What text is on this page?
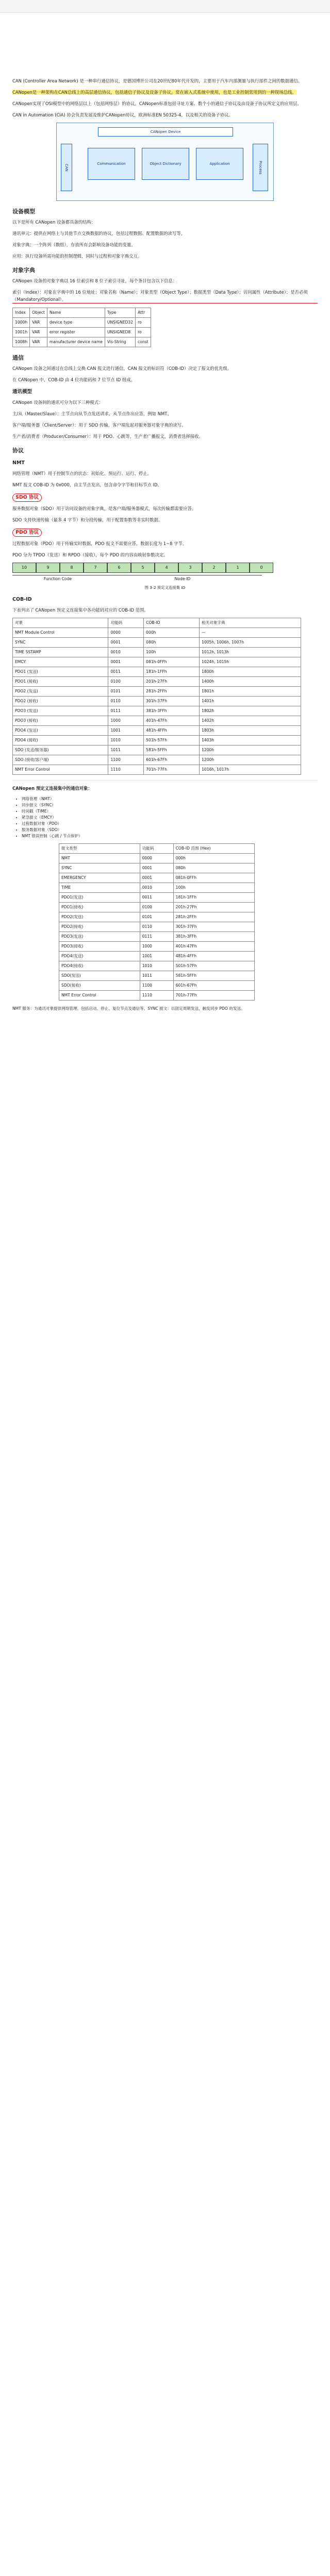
CAN (Controller Area Network) 是一种串行通信协议，是德国博世公司在20世纪80年代开发的，主要用于汽车内部测量与执行部件之间的数据通信。

CANopen是一种架构在CAN总线上的高层通信协议，包括通信子协议及设备子协议，常在嵌入式系统中使用，也是工业控制常用到的一种现场总线。

CANopen实现了OSI模型中的网络层以上（包括网络层）的协议。CANopen标准包括寻址方案、数个小的通信子协议及由设备子协议所定义的应用层。

CAN in Automation (CiA) 协会负责发展及维护CANopen协议，欧洲标准EN 50325-4，以及相关的设备子协议。

CANopen Device
CAN	Communication	Object Dictionary	Application	Process
设备模型

以下是所有 CANopen 设备都具备的结构：

通讯单元：提供在网络上与其他节点交换数据的协议，包括过程数据、配置数据的读写等。

对象字典：一个阵列（数组），存放所有会影响设备功能的变量。

应用：执行设备所需功能的控制逻辑，同时与过程和对象字典交互。

对象字典

CANopen 设备的对象字典以 16 位索引和 8 位子索引寻址，每个条目包含以下信息：

索引（Index）：对象在字典中的 16 位地址；对象名称（Name）；对象类型（Object Type）；数据类型（Data Type）；访问属性（Attribute）；是否必须（Mandatory/Optional）。

Index	Object	Name	Type	Attr
1000h	VAR	device type	UNSIGNED32	ro
1001h	VAR	error register	UNSIGNED8	ro
1008h	VAR	manufacturer device name	Vis-String	const
通信

CANopen 设备之间通过在总线上交换 CAN 报文进行通信，CAN 报文的标识符（COB-ID）决定了报文的优先级。

在 CANopen 中，COB-ID 由 4 位功能码和 7 位节点 ID 组成。

通讯模型

CANopen 设备间的通讯可分为以下三种模式：

主/从（Master/Slave）：主节点向从节点发送请求，从节点作出应答，例如 NMT。

客户端/服务器（Client/Server）：用于 SDO 传输，客户端发起对服务器对象字典的读写。

生产者/消费者（Producer/Consumer）：用于 PDO、心跳等，生产者广播报文，消费者选择接收。

协议
NMT

网络管理（NMT）用于控制节点的状态：初始化、预运行、运行、停止。

NMT 报文 COB-ID 为 0x000，由主节点发出，包含命令字节和目标节点 ID。

SDO 协议

服务数据对象（SDO）用于访问设备的对象字典，是客户端/服务器模式，每次传输都需要应答。

SDO 支持快速传输（最多 4 字节）和分段传输，用于配置参数等非实时数据。

PDO 协议

过程数据对象（PDO）用于传输实时数据，PDO 报文不需要应答，数据长度为 1~8 字节。

PDO 分为 TPDO（发送）和 RPDO（接收），每个 PDO 的内容由映射参数决定。

10	9	8	7	6	5	4	3	2	1	0
Function Code	Node-ID

图 3-2 预定义连接集 ID

COB-ID

下表列出了 CANopen 预定义连接集中各功能码对应的 COB-ID 范围。

对象	功能码	COB-ID	相关对象字典
NMT Module Control	0000	000h	—
SYNC	0001	080h	1005h, 1006h, 1007h
TIME SSTAMP	0010	100h	1012h, 1013h
EMCY	0001	081h-0FFh	1024h, 1015h
PDO1 (发送)	0011	181h-1FFh	1800h
PDO1 (接收)	0100	201h-27Fh	1400h
PDO2 (发送)	0101	281h-2FFh	1801h
PDO2 (接收)	0110	301h-37Fh	1401h
PDO3 (发送)	0111	381h-3FFh	1802h
PDO3 (接收)	1000	401h-47Fh	1402h
PDO4 (发送)	1001	481h-4FFh	1803h
PDO4 (接收)	1010	501h-57Fh	1403h
SDO (发送/服务器)	1011	581h-5FFh	1200h
SDO (接收/客户端)	1100	601h-67Fh	1200h
NMT Error Control	1110	701h-77Fh	1016h, 1017h

CANopen 预定义连接集中的通信对象：

• 网络管理（NMT）
• 同步报文（SYNC）
• 时间戳（TIME）
• 紧急报文（EMCY）
• 过程数据对象（PDO）
• 服务数据对象（SDO）
• NMT 错误控制（心跳 / 节点保护）
报文类型	功能码	COB-ID 范围 (Hex)
NMT	0000	000h
SYNC	0001	080h
EMERGENCY	0001	081h-0FFh
TIME	0010	100h
PDO1(发送)	0011	181h-1FFh
PDO1(接收)	0100	201h-27Fh
PDO2(发送)	0101	281h-2FFh
PDO2(接收)	0110	301h-37Fh
PDO3(发送)	0111	381h-3FFh
PDO3(接收)	1000	401h-47Fh
PDO4(发送)	1001	481h-4FFh
PDO4(接收)	1010	501h-57Fh
SDO(发送)	1011	581h-5FFh
SDO(接收)	1100	601h-67Fh
NMT Error Control	1110	701h-77Fh

NMT 服务：为通讯对象提供网络管理，包括启动、停止、复位节点及通信等。SYNC 报文：以固定周期发送，触发同步 PDO 的发送。
